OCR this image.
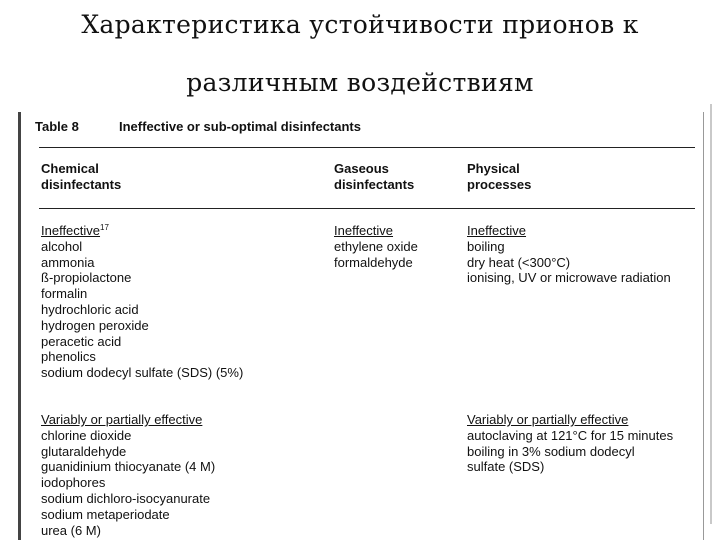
Характеристика устойчивости прионов к
различным воздействиям
Table 8	Ineffective or sub-optimal disinfectants
Chemical
disinfectants
Gaseous
disinfectants
Physical
processes
Ineffective$^{17}$
alcohol
ammonia
ß-propiolactone
formalin
hydrochloric acid
hydrogen peroxide
peracetic acid
phenolics
sodium dodecyl sulfate (SDS) (5%)
Ineffective
ethylene oxide
formaldehyde
Ineffective
boiling
dry heat (<300°C)
ionising, UV or microwave radiation
Variably or partially effective
chlorine dioxide
glutaraldehyde
guanidinium thiocyanate (4 M)
iodophores
sodium dichloro-isocyanurate
sodium metaperiodate
urea (6 M)
Variably or partially effective
autoclaving at 121°C for 15 minutes
boiling in 3% sodium dodecyl
sulfate (SDS)
